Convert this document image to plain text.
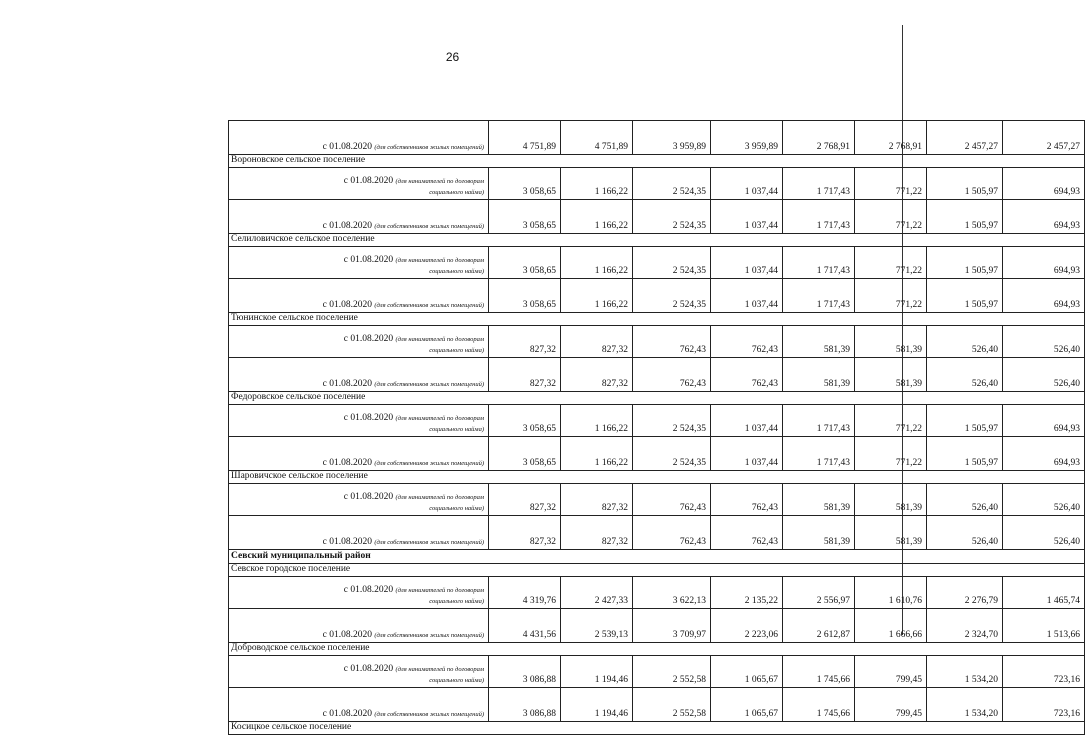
26
с 01.08.2020 (для собственников жилых помещений)	4 751,89	4 751,89	3 959,89	3 959,89	2 768,91	2 768,91	2 457,27	2 457,27
Вороновское сельское поселение								

с 01.08.2020 (для нанимателей по договорам
социального найма)	3 058,65	1 166,22	2 524,35	1 037,44	1 717,43	771,22	1 505,97	694,93
с 01.08.2020 (для собственников жилых помещений)	3 058,65	1 166,22	2 524,35	1 037,44	1 717,43	771,22	1 505,97	694,93
Селиловичское сельское поселение								

с 01.08.2020 (для нанимателей по договорам
социального найма)	3 058,65	1 166,22	2 524,35	1 037,44	1 717,43	771,22	1 505,97	694,93
с 01.08.2020 (для собственников жилых помещений)	3 058,65	1 166,22	2 524,35	1 037,44	1 717,43	771,22	1 505,97	694,93
Тюнинское сельское поселение								

с 01.08.2020 (для нанимателей по договорам
социального найма)	827,32	827,32	762,43	762,43	581,39	581,39	526,40	526,40
с 01.08.2020 (для собственников жилых помещений)	827,32	827,32	762,43	762,43	581,39	581,39	526,40	526,40
Федоровское сельское поселение								

с 01.08.2020 (для нанимателей по договорам
социального найма)	3 058,65	1 166,22	2 524,35	1 037,44	1 717,43	771,22	1 505,97	694,93
с 01.08.2020 (для собственников жилых помещений)	3 058,65	1 166,22	2 524,35	1 037,44	1 717,43	771,22	1 505,97	694,93
Шаровичское сельское поселение								

с 01.08.2020 (для нанимателей по договорам
социального найма)	827,32	827,32	762,43	762,43	581,39	581,39	526,40	526,40
с 01.08.2020 (для собственников жилых помещений)	827,32	827,32	762,43	762,43	581,39	581,39	526,40	526,40
Севский муниципальный район								
Севское городское поселение								

с 01.08.2020 (для нанимателей по договорам
социального найма)	4 319,76	2 427,33	3 622,13	2 135,22	2 556,97	1 610,76	2 276,79	1 465,74
с 01.08.2020 (для собственников жилых помещений)	4 431,56	2 539,13	3 709,97	2 223,06	2 612,87	1 666,66	2 324,70	1 513,66
Доброводское сельское поселение								

с 01.08.2020 (для нанимателей по договорам
социального найма)	3 086,88	1 194,46	2 552,58	1 065,67	1 745,66	799,45	1 534,20	723,16
с 01.08.2020 (для собственников жилых помещений)	3 086,88	1 194,46	2 552,58	1 065,67	1 745,66	799,45	1 534,20	723,16
Косицкое сельское поселение								
